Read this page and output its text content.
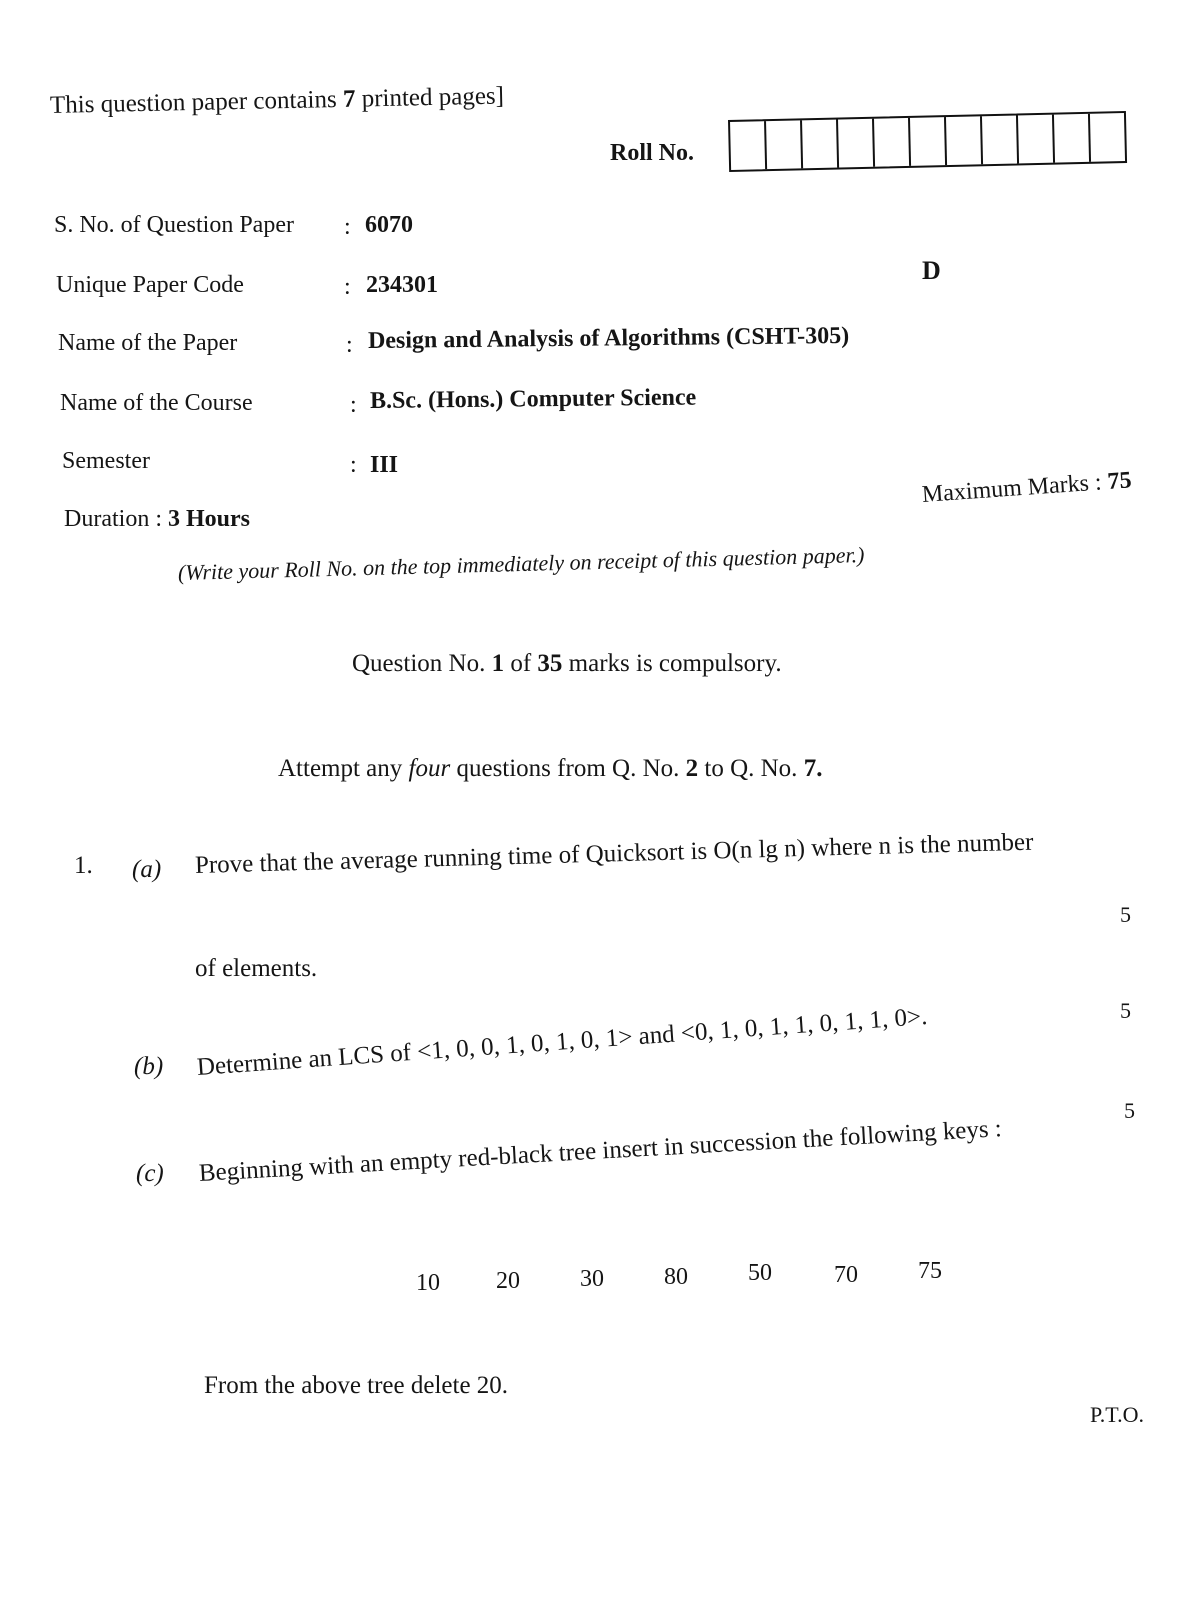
This question paper contains 7 printed pages]
Roll No.
S. No. of Question Paper : 6070
Unique Paper Code	: 234301
Name of the Paper	: Design and Analysis of Algorithms (CSHT-305)
Name of the Course	: B.Sc. (Hons.) Computer Science
Semester	: III
D
Duration : 3 Hours
Maximum Marks : 75
(Write your Roll No. on the top immediately on receipt of this question paper.)
Question No. 1 of 35 marks is compulsory.
Attempt any four questions from Q. No. 2 to Q. No. 7.
1. (a) Prove that the average running time of Quicksort is O(n lg n) where n is the number
5
of elements.
(b) Determine an LCS of <1, 0, 0, 1, 0, 1, 0, 1> and <0, 1, 0, 1, 1, 0, 1, 1, 0>.	5
(c) Beginning with an empty red-black tree insert in succession the following keys :
5
10 20	30	80	50	70	75
From the above tree delete 20.
P.T.O.
